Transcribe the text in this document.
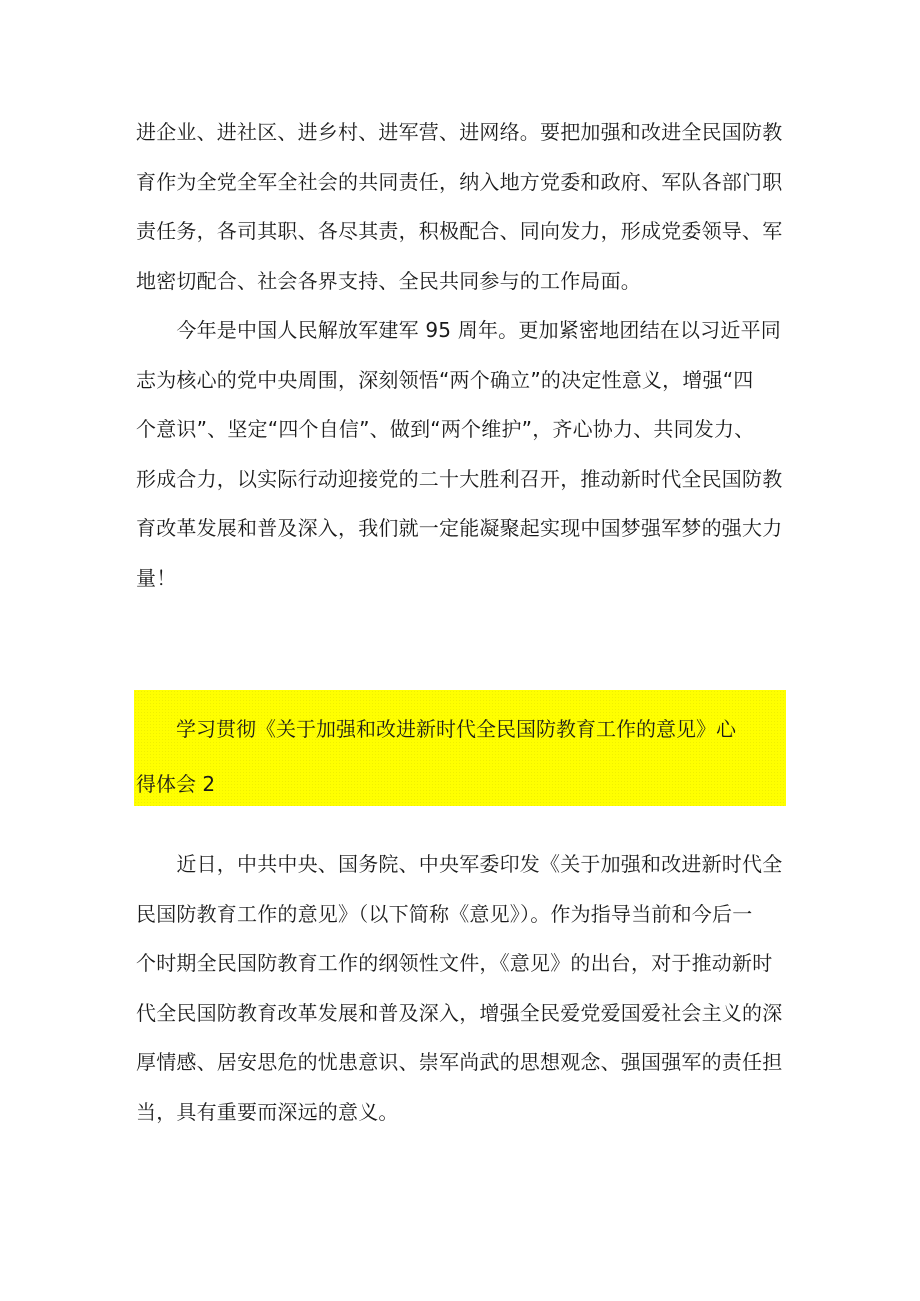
进企业、进社区、进乡村、进军营、进网络。要把加强和改进全民国防教
育作为全党全军全社会的共同责任，纳入地方党委和政府、军队各部门职
责任务，各司其职、各尽其责，积极配合、同向发力，形成党委领导、军
地密切配合、社会各界支持、全民共同参与的工作局面。

　　今年是中国人民解放军建军 95 周年。更加紧密地团结在以习近平同
志为核心的党中央周围，深刻领悟“两个确立”的决定性意义，增强“四
个意识”、坚定“四个自信”、做到“两个维护”，齐心协力、共同发力、
形成合力，以实际行动迎接党的二十大胜利召开，推动新时代全民国防教
育改革发展和普及深入，我们就一定能凝聚起实现中国梦强军梦的强大力
量！

　　学习贯彻《关于加强和改进新时代全民国防教育工作的意见》心
得体会 2

　　近日，中共中央、国务院、中央军委印发《关于加强和改进新时代全
民国防教育工作的意见》（以下简称《意见》）。作为指导当前和今后一
个时期全民国防教育工作的纲领性文件，《意见》的出台，对于推动新时
代全民国防教育改革发展和普及深入，增强全民爱党爱国爱社会主义的深
厚情感、居安思危的忧患意识、崇军尚武的思想观念、强国强军的责任担
当，具有重要而深远的意义。
